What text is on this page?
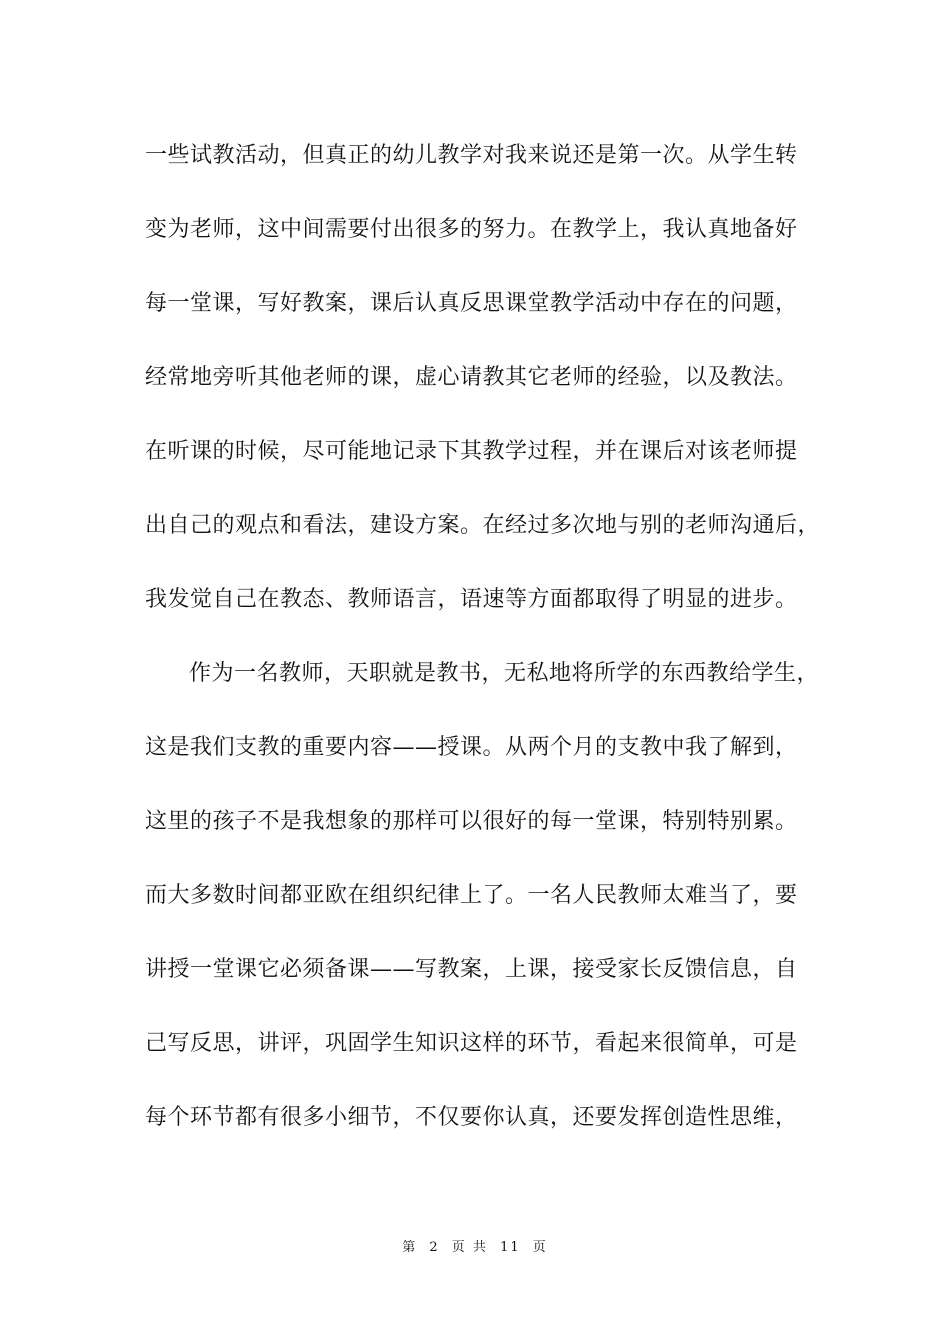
一些试教活动，但真正的幼儿教学对我来说还是第一次。从学生转
变为老师，这中间需要付出很多的努力。在教学上，我认真地备好
每一堂课，写好教案，课后认真反思课堂教学活动中存在的问题，
经常地旁听其他老师的课，虚心请教其它老师的经验，以及教法。
在听课的时候，尽可能地记录下其教学过程，并在课后对该老师提
出自己的观点和看法，建设方案。在经过多次地与别的老师沟通后，
我发觉自己在教态、教师语言，语速等方面都取得了明显的进步。
作为一名教师，天职就是教书，无私地将所学的东西教给学生，
这是我们支教的重要内容——授课。从两个月的支教中我了解到，
这里的孩子不是我想象的那样可以很好的每一堂课，特别特别累。
而大多数时间都亚欧在组织纪律上了。一名人民教师太难当了，要
讲授一堂课它必须备课——写教案，上课，接受家长反馈信息，自
己写反思，讲评，巩固学生知识这样的环节，看起来很简单，可是
每个环节都有很多小细节，不仅要你认真，还要发挥创造性思维，
第 2 页 共 11 页
